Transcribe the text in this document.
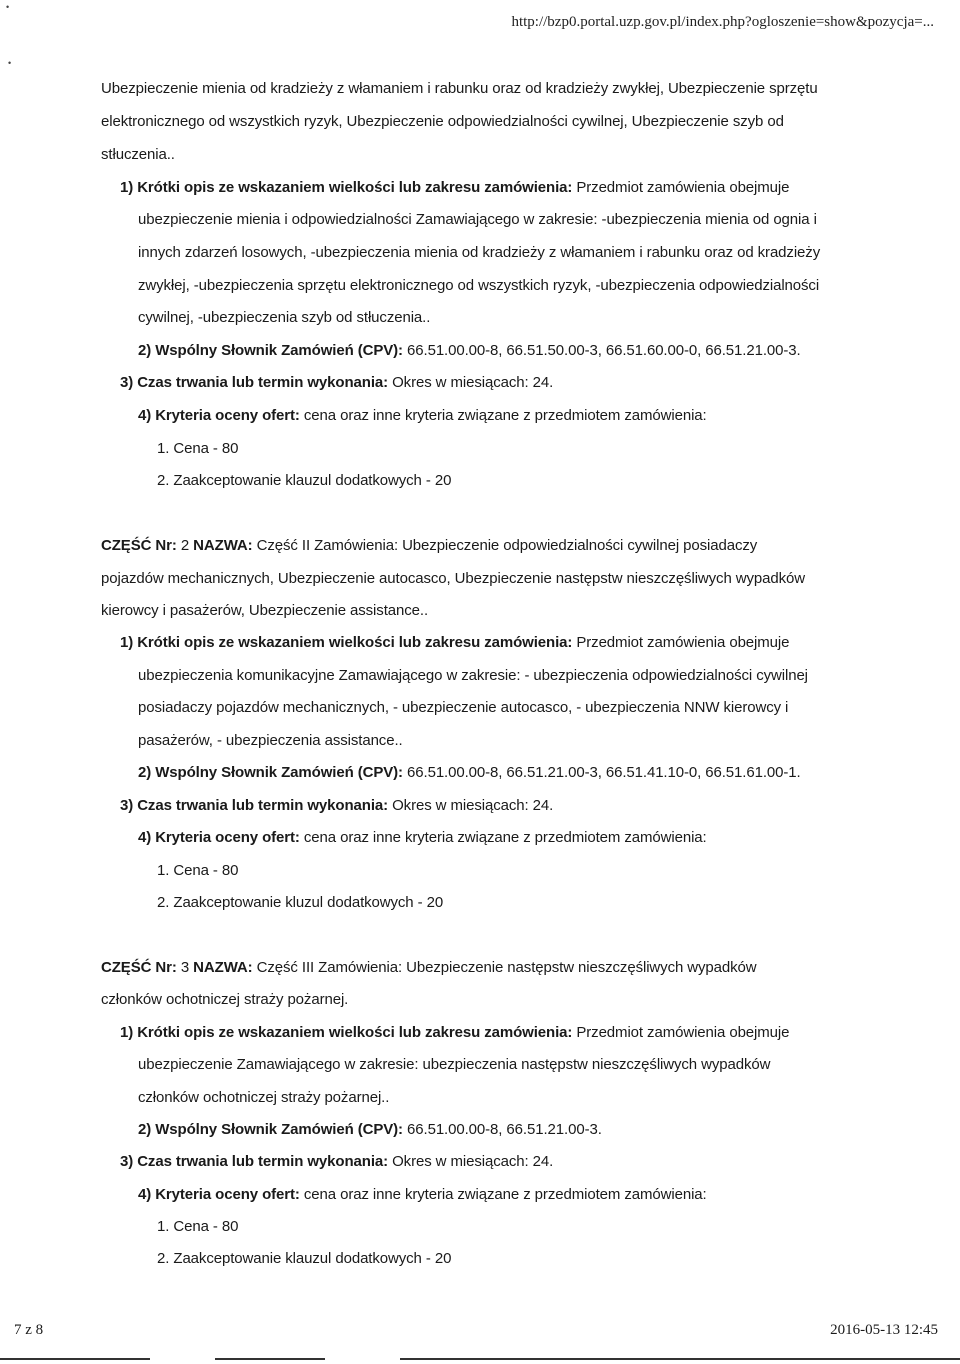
•
•
http://bzp0.portal.uzp.gov.pl/index.php?ogloszenie=show&pozycja=...
Ubezpieczenie mienia od kradzieży z włamaniem i rabunku oraz od kradzieży zwykłej, Ubezpieczenie sprzętu
elektronicznego od wszystkich ryzyk, Ubezpieczenie odpowiedzialności cywilnej, Ubezpieczenie szyb od
stłuczenia..
1) Krótki opis ze wskazaniem wielkości lub zakresu zamówienia: Przedmiot zamówienia obejmuje
ubezpieczenie mienia i odpowiedzialności Zamawiającego w zakresie: -ubezpieczenia mienia od ognia i
innych zdarzeń losowych, -ubezpieczenia mienia od kradzieży z włamaniem i rabunku oraz od kradzieży
zwykłej, -ubezpieczenia sprzętu elektronicznego od wszystkich ryzyk, -ubezpieczenia odpowiedzialności
cywilnej, -ubezpieczenia szyb od stłuczenia..
2) Wspólny Słownik Zamówień (CPV): 66.51.00.00-8, 66.51.50.00-3, 66.51.60.00-0, 66.51.21.00-3.
3) Czas trwania lub termin wykonania: Okres w miesiącach: 24.
4) Kryteria oceny ofert: cena oraz inne kryteria związane z przedmiotem zamówienia:
1. Cena - 80
2. Zaakceptowanie klauzul dodatkowych - 20
CZĘŚĆ Nr: 2 NAZWA: Część II Zamówienia: Ubezpieczenie odpowiedzialności cywilnej posiadaczy
pojazdów mechanicznych, Ubezpieczenie autocasco, Ubezpieczenie następstw nieszczęśliwych wypadków
kierowcy i pasażerów, Ubezpieczenie assistance..
1) Krótki opis ze wskazaniem wielkości lub zakresu zamówienia: Przedmiot zamówienia obejmuje
ubezpieczenia komunikacyjne Zamawiającego w zakresie: - ubezpieczenia odpowiedzialności cywilnej
posiadaczy pojazdów mechanicznych, - ubezpieczenie autocasco, - ubezpieczenia NNW kierowcy i
pasażerów, - ubezpieczenia assistance..
2) Wspólny Słownik Zamówień (CPV): 66.51.00.00-8, 66.51.21.00-3, 66.51.41.10-0, 66.51.61.00-1.
3) Czas trwania lub termin wykonania: Okres w miesiącach: 24.
4) Kryteria oceny ofert: cena oraz inne kryteria związane z przedmiotem zamówienia:
1. Cena - 80
2. Zaakceptowanie kluzul dodatkowych - 20
CZĘŚĆ Nr: 3 NAZWA: Część III Zamówienia: Ubezpieczenie następstw nieszczęśliwych wypadków
członków ochotniczej straży pożarnej.
1) Krótki opis ze wskazaniem wielkości lub zakresu zamówienia: Przedmiot zamówienia obejmuje
ubezpieczenie Zamawiającego w zakresie: ubezpieczenia następstw nieszczęśliwych wypadków
członków ochotniczej straży pożarnej..
2) Wspólny Słownik Zamówień (CPV): 66.51.00.00-8, 66.51.21.00-3.
3) Czas trwania lub termin wykonania: Okres w miesiącach: 24.
4) Kryteria oceny ofert: cena oraz inne kryteria związane z przedmiotem zamówienia:
1. Cena - 80
2. Zaakceptowanie klauzul dodatkowych - 20
7 z 8	2016-05-13 12:45
